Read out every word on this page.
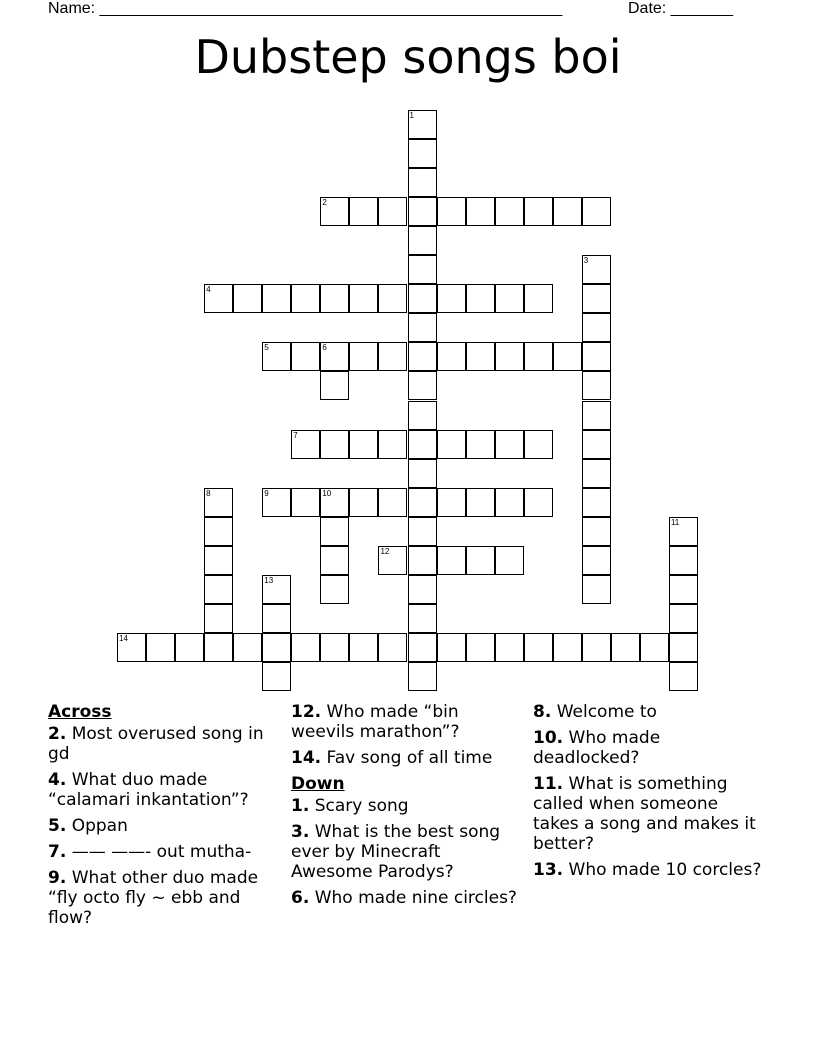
Name: ____________________________________________________	Date: _______
Dubstep songs boi
1
2
3
4
5	6
7
8	9	10
11
12
13
14
Across
2. Most overused song in gd
4. What duo made “calamari inkantation”?
5. Oppan
7. —— ——- out mutha-
9. What other duo made “fly octo fly ~ ebb and flow?
12. Who made “bin weevils marathon”?
14. Fav song of all time
Down
1. Scary song
3. What is the best song ever by Minecraft Awesome Parodys?
6. Who made nine circles?
8. Welcome to
10. Who made deadlocked?
11. What is something called when someone takes a song and makes it better?
13. Who made 10 corcles?
